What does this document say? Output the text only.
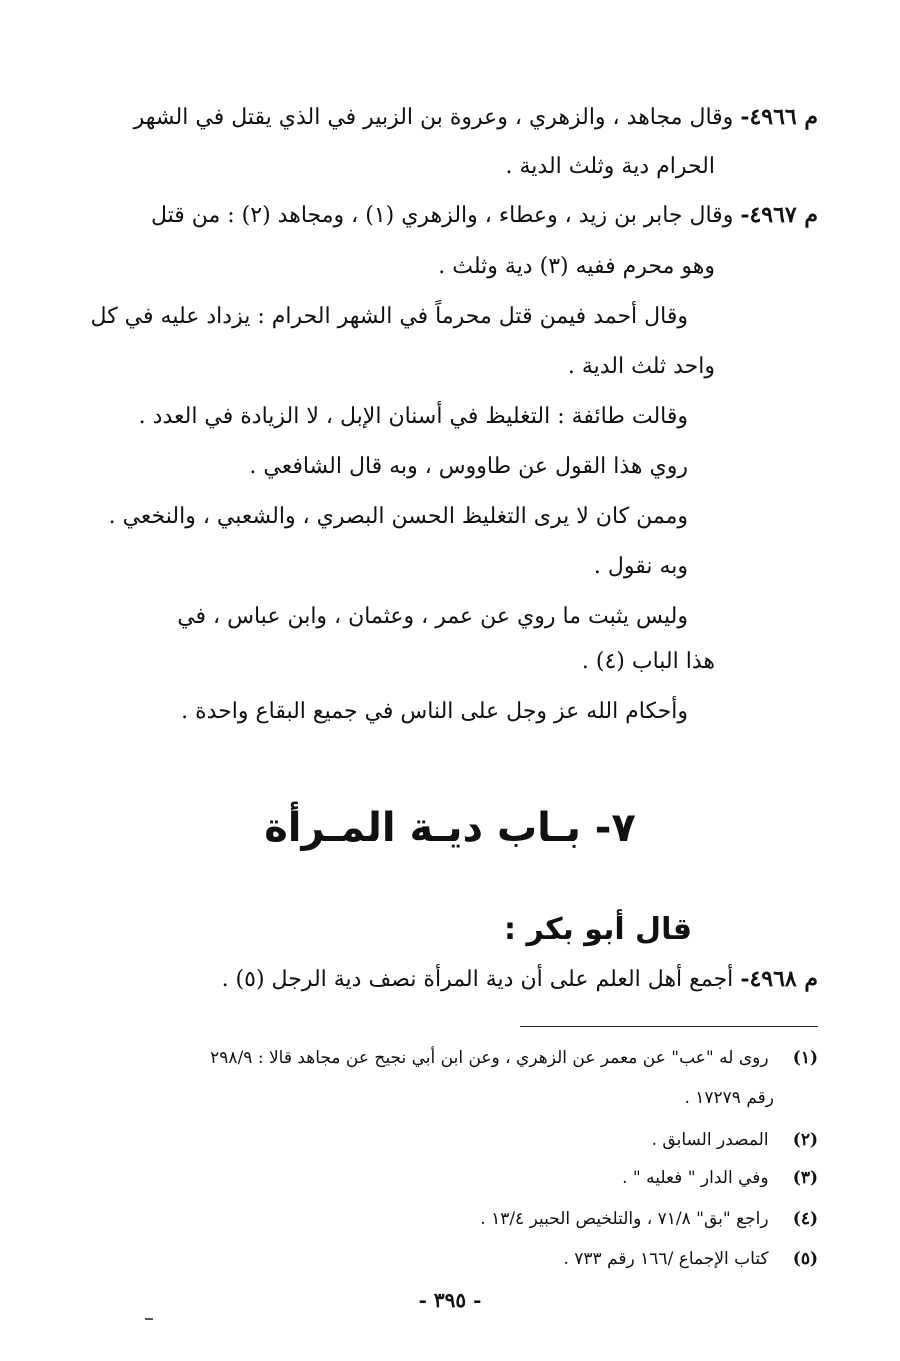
م ٤٩٦٦- وقال مجاهد ، والزهري ، وعروة بن الزبير في الذي يقتل في الشهر
الحرام دية وثلث الدية .
م ٤٩٦٧- وقال جابر بن زيد ، وعطاء ، والزهري (١) ، ومجاهد (٢) : من قتل
وهو محرم ففيه (٣) دية وثلث .
وقال أحمد فيمن قتل محرماً في الشهر الحرام : يزداد عليه في كل
واحد ثلث الدية .
وقالت طائفة : التغليظ في أسنان الإبل ، لا الزيادة في العدد .
روي هذا القول عن طاووس ، وبه قال الشافعي .
وممن كان لا يرى التغليظ الحسن البصري ، والشعبي ، والنخعي .
وبه نقول .
وليس يثبت ما روي عن عمر ، وعثمان ، وابن عباس ، في
هذا الباب (٤) .
وأحكام الله عز وجل على الناس في جميع البقاع واحدة .
٧- بـاب ديـة المـرأة
قال أبو بكر :
م ٤٩٦٨- أجمع أهل العلم على أن دية المرأة نصف دية الرجل (٥) .
(١) روى له "عب" عن معمر عن الزهري ، وعن ابن أبي نجيح عن مجاهد قالا : ٢٩٨/٩
رقم ١٧٢٧٩ .
(٢) المصدر السابق .
(٣) وفي الدار " فعليه " .
(٤) راجع "بق" ٧١/٨ ، والتلخيص الحبير ١٣/٤ .
(٥) كتاب الإجماع /١٦٦ رقم ٧٣٣ .
- ٣٩٥ -
